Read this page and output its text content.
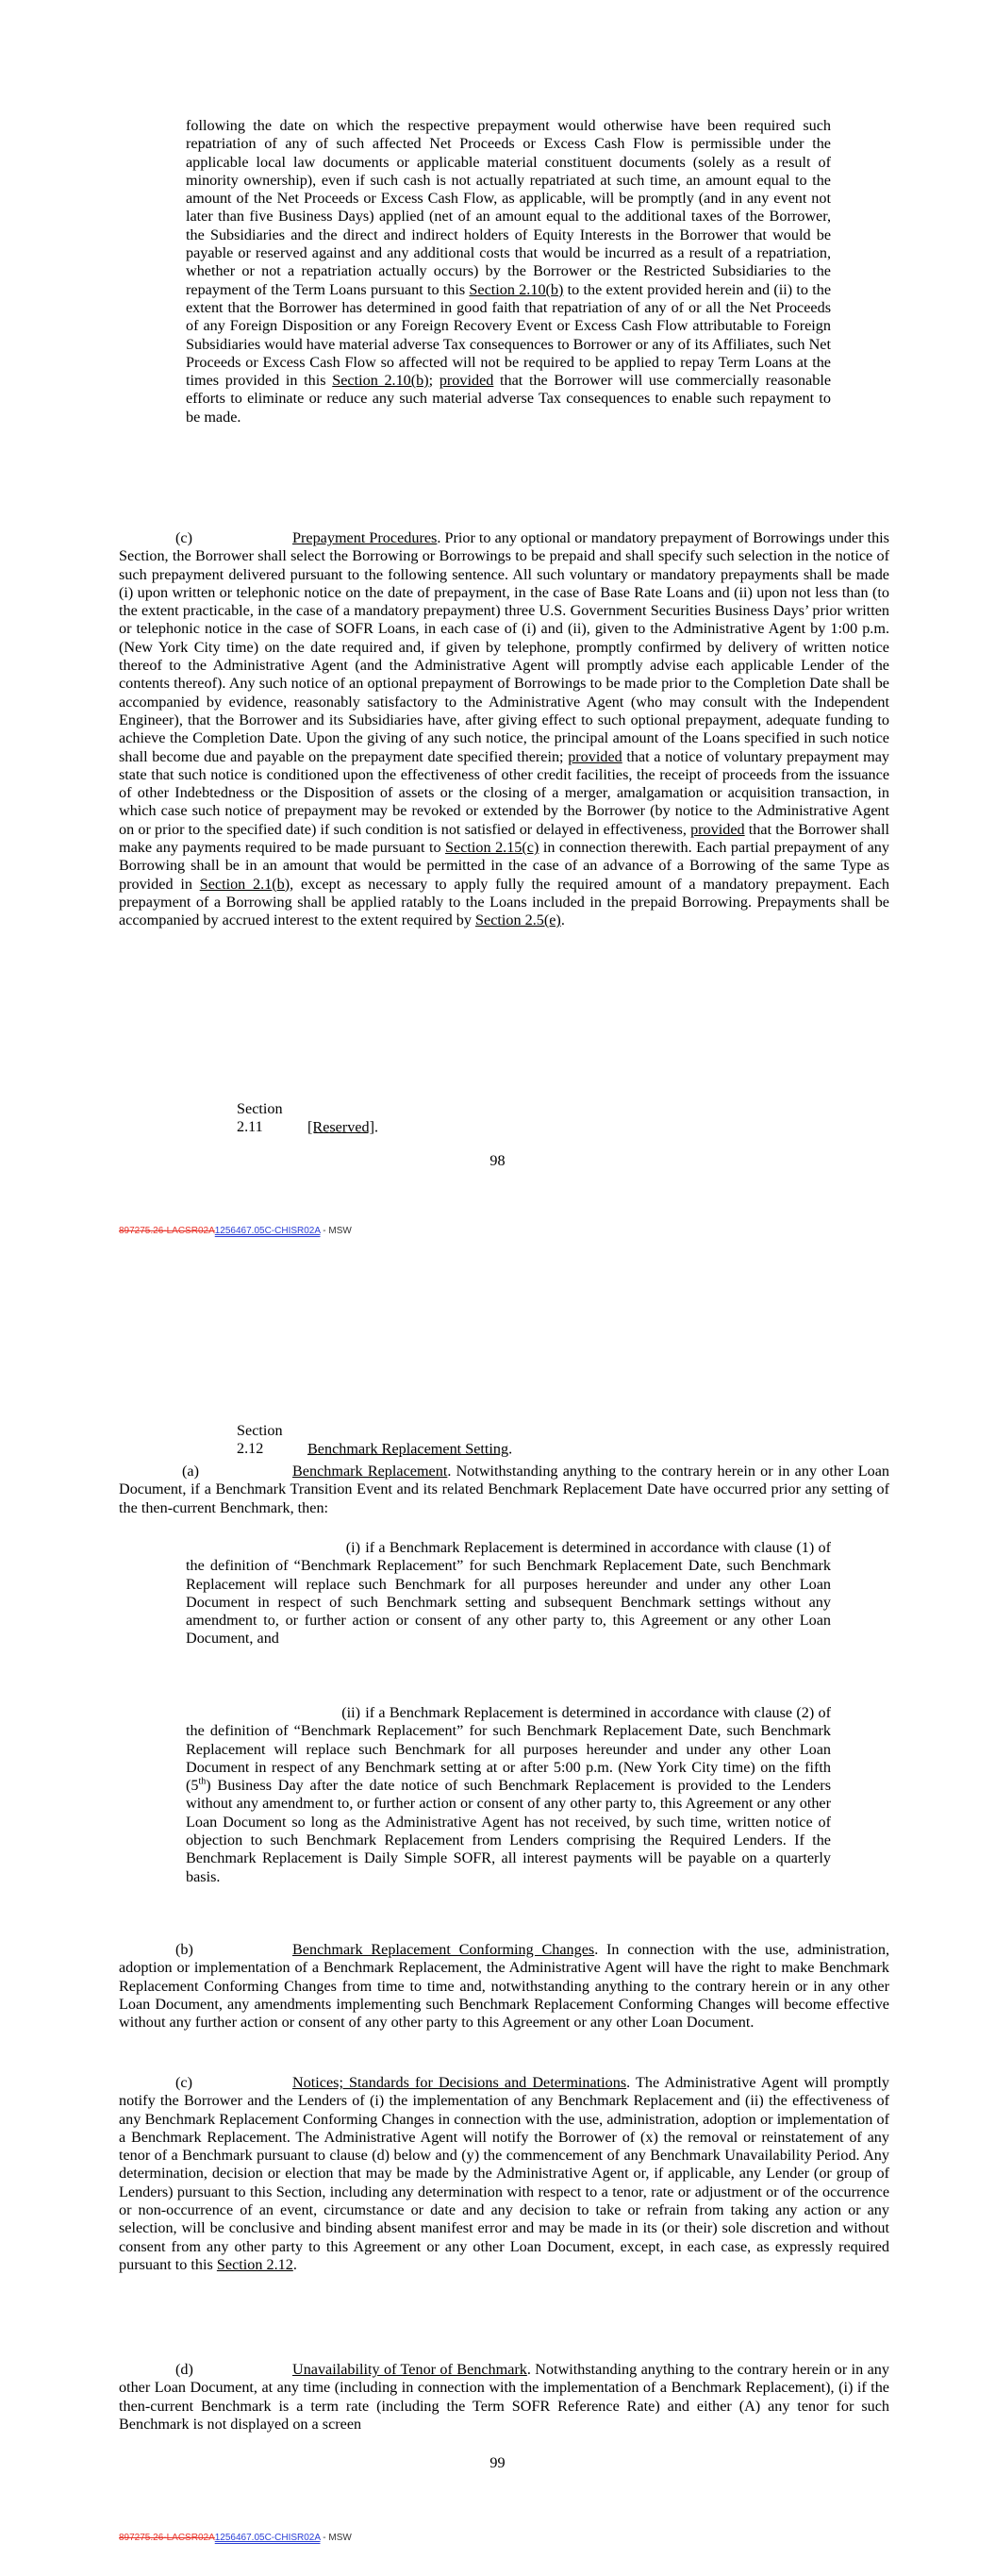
following the date on which the respective prepayment would otherwise have been required such repatriation of any of such affected Net Proceeds or Excess Cash Flow is permissible under the applicable local law documents or applicable material constituent documents (solely as a result of minority ownership), even if such cash is not actually repatriated at such time, an amount equal to the amount of the Net Proceeds or Excess Cash Flow, as applicable, will be promptly (and in any event not later than five Business Days) applied (net of an amount equal to the additional taxes of the Borrower, the Subsidiaries and the direct and indirect holders of Equity Interests in the Borrower that would be payable or reserved against and any additional costs that would be incurred as a result of a repatriation, whether or not a repatriation actually occurs) by the Borrower or the Restricted Subsidiaries to the repayment of the Term Loans pursuant to this Section 2.10(b) to the extent provided herein and (ii) to the extent that the Borrower has determined in good faith that repatriation of any of or all the Net Proceeds of any Foreign Disposition or any Foreign Recovery Event or Excess Cash Flow attributable to Foreign Subsidiaries would have material adverse Tax consequences to Borrower or any of its Affiliates, such Net Proceeds or Excess Cash Flow so affected will not be required to be applied to repay Term Loans at the times provided in this Section 2.10(b); provided that the Borrower will use commercially reasonable efforts to eliminate or reduce any such material adverse Tax consequences to enable such repayment to be made.

(c)	Prepayment Procedures. Prior to any optional or mandatory prepayment of Borrowings under this Section, the Borrower shall select the Borrowing or Borrowings to be prepaid and shall specify such selection in the notice of such prepayment delivered pursuant to the following sentence. All such voluntary or mandatory prepayments shall be made (i) upon written or telephonic notice on the date of prepayment, in the case of Base Rate Loans and (ii) upon not less than (to the extent practicable, in the case of a mandatory prepayment) three U.S. Government Securities Business Days’ prior written or telephonic notice in the case of SOFR Loans, in each case of (i) and (ii), given to the Administrative Agent by 1:00 p.m. (New York City time) on the date required and, if given by telephone, promptly confirmed by delivery of written notice thereof to the Administrative Agent (and the Administrative Agent will promptly advise each applicable Lender of the contents thereof). Any such notice of an optional prepayment of Borrowings to be made prior to the Completion Date shall be accompanied by evidence, reasonably satisfactory to the Administrative Agent (who may consult with the Independent Engineer), that the Borrower and its Subsidiaries have, after giving effect to such optional prepayment, adequate funding to achieve the Completion Date. Upon the giving of any such notice, the principal amount of the Loans specified in such notice shall become due and payable on the prepayment date specified therein; provided that a notice of voluntary prepayment may state that such notice is conditioned upon the effectiveness of other credit facilities, the receipt of proceeds from the issuance of other Indebtedness or the Disposition of assets or the closing of a merger, amalgamation or acquisition transaction, in which case such notice of prepayment may be revoked or extended by the Borrower (by notice to the Administrative Agent on or prior to the specified date) if such condition is not satisfied or delayed in effectiveness, provided that the Borrower shall make any payments required to be made pursuant to Section 2.15(c) in connection therewith. Each partial prepayment of any Borrowing shall be in an amount that would be permitted in the case of an advance of a Borrowing of the same Type as provided in Section 2.1(b), except as necessary to apply fully the required amount of a mandatory prepayment. Each prepayment of a Borrowing shall be applied ratably to the Loans included in the prepaid Borrowing. Prepayments shall be accompanied by accrued interest to the extent required by Section 2.5(e).

Section 2.11	[Reserved].

98

897275.26-LACSR02A1256467.05C-CHISR02A - MSW

Section 2.12	Benchmark Replacement Setting.

(a)	Benchmark Replacement. Notwithstanding anything to the contrary herein or in any other Loan Document, if a Benchmark Transition Event and its related Benchmark Replacement Date have occurred prior any setting of the then-current Benchmark, then:

(i) if a Benchmark Replacement is determined in accordance with clause (1) of the definition of “Benchmark Replacement” for such Benchmark Replacement Date, such Benchmark Replacement will replace such Benchmark for all purposes hereunder and under any other Loan Document in respect of such Benchmark setting and subsequent Benchmark settings without any amendment to, or further action or consent of any other party to, this Agreement or any other Loan Document, and

(ii) if a Benchmark Replacement is determined in accordance with clause (2) of the definition of “Benchmark Replacement” for such Benchmark Replacement Date, such Benchmark Replacement will replace such Benchmark for all purposes hereunder and under any other Loan Document in respect of any Benchmark setting at or after 5:00 p.m. (New York City time) on the fifth (5th) Business Day after the date notice of such Benchmark Replacement is provided to the Lenders without any amendment to, or further action or consent of any other party to, this Agreement or any other Loan Document so long as the Administrative Agent has not received, by such time, written notice of objection to such Benchmark Replacement from Lenders comprising the Required Lenders. If the Benchmark Replacement is Daily Simple SOFR, all interest payments will be payable on a quarterly basis.

(b)	Benchmark Replacement Conforming Changes. In connection with the use, administration, adoption or implementation of a Benchmark Replacement, the Administrative Agent will have the right to make Benchmark Replacement Conforming Changes from time to time and, notwithstanding anything to the contrary herein or in any other Loan Document, any amendments implementing such Benchmark Replacement Conforming Changes will become effective without any further action or consent of any other party to this Agreement or any other Loan Document.

(c)	Notices; Standards for Decisions and Determinations. The Administrative Agent will promptly notify the Borrower and the Lenders of (i) the implementation of any Benchmark Replacement and (ii) the effectiveness of any Benchmark Replacement Conforming Changes in connection with the use, administration, adoption or implementation of a Benchmark Replacement. The Administrative Agent will notify the Borrower of (x) the removal or reinstatement of any tenor of a Benchmark pursuant to clause (d) below and (y) the commencement of any Benchmark Unavailability Period. Any determination, decision or election that may be made by the Administrative Agent or, if applicable, any Lender (or group of Lenders) pursuant to this Section, including any determination with respect to a tenor, rate or adjustment or of the occurrence or non-occurrence of an event, circumstance or date and any decision to take or refrain from taking any action or any selection, will be conclusive and binding absent manifest error and may be made in its (or their) sole discretion and without consent from any other party to this Agreement or any other Loan Document, except, in each case, as expressly required pursuant to this Section 2.12.

(d)	Unavailability of Tenor of Benchmark. Notwithstanding anything to the contrary herein or in any other Loan Document, at any time (including in connection with the implementation of a Benchmark Replacement), (i) if the then-current Benchmark is a term rate (including the Term SOFR Reference Rate) and either (A) any tenor for such Benchmark is not displayed on a screen

99

897275.26-LACSR02A1256467.05C-CHISR02A - MSW
